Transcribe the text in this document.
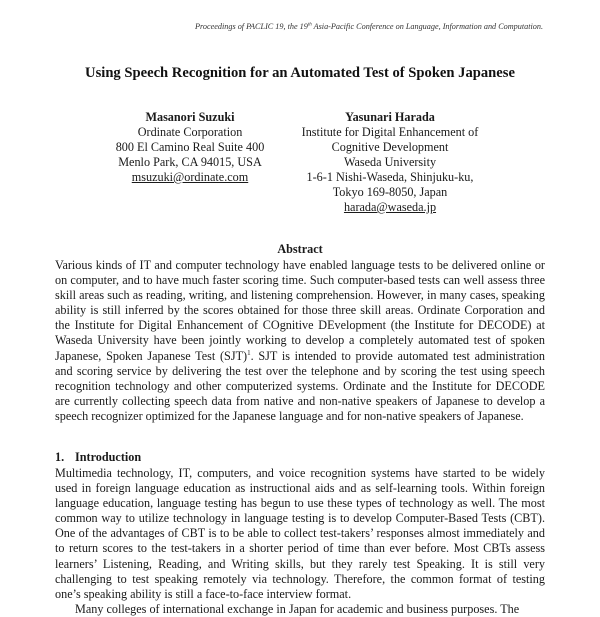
Proceedings of PACLIC 19, the 19th Asia-Pacific Conference on Language, Information and Computation.
Using Speech Recognition for an Automated Test of Spoken Japanese
Masanori Suzuki
Ordinate Corporation
800 El Camino Real Suite 400
Menlo Park, CA 94015, USA
msuzuki@ordinate.com
Yasunari Harada
Institute for Digital Enhancement of
Cognitive Development
Waseda University
1-6-1 Nishi-Waseda, Shinjuku-ku,
Tokyo 169-8050, Japan
harada@waseda.jp
Abstract
Various kinds of IT and computer technology have enabled language tests to be delivered online or on computer, and to have much faster scoring time. Such computer-based tests can well assess three skill areas such as reading, writing, and listening comprehension. However, in many cases, speaking ability is still inferred by the scores obtained for those three skill areas. Ordinate Corporation and the Institute for Digital Enhancement of COgnitive DEvelopment (the Institute for DECODE) at Waseda University have been jointly working to develop a completely automated test of spoken Japanese, Spoken Japanese Test (SJT)$^1$. SJT is intended to provide automated test administration and scoring service by delivering the test over the telephone and by scoring the test using speech recognition technology and other computerized systems. Ordinate and the Institute for DECODE are currently collecting speech data from native and non-native speakers of Japanese to develop a speech recognizer optimized for the Japanese language and for non-native speakers of Japanese.
1. Introduction

Multimedia technology, IT, computers, and voice recognition systems have started to be widely used in foreign language education as instructional aids and as self-learning tools. Within foreign language education, language testing has begun to use these types of technology as well. The most common way to utilize technology in language testing is to develop Computer-Based Tests (CBT). One of the advantages of CBT is to be able to collect test-takers’ responses almost immediately and to return scores to the test-takers in a shorter period of time than ever before. Most CBTs assess learners’ Listening, Reading, and Writing skills, but they rarely test Speaking. It is still very challenging to test speaking remotely via technology. Therefore, the common format of testing one’s speaking ability is still a face-to-face interview format.

Many colleges of international exchange in Japan for academic and business purposes. The
